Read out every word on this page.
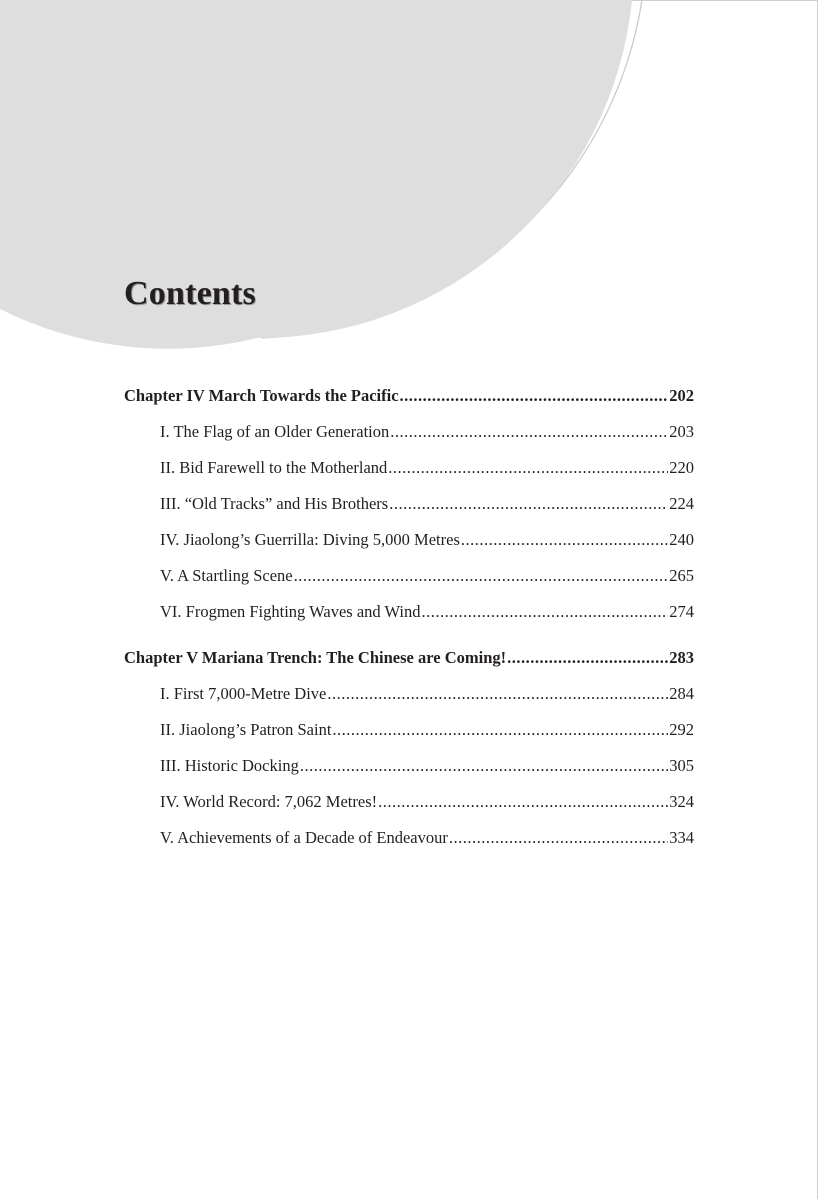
Contents
Chapter IV March Towards the Pacific .....	202
I. The Flag of an Older Generation .....	203
II. Bid Farewell to the Motherland .....	220
III. “Old Tracks” and His Brothers .....	224
IV. Jiaolong’s Guerrilla: Diving 5,000 Metres .....	240
V. A Startling Scene .....	265
VI. Frogmen Fighting Waves and Wind .....	274
Chapter V Mariana Trench: The Chinese are Coming! .....	283
I. First 7,000-Metre Dive .....	284
II. Jiaolong’s Patron Saint .....	292
III. Historic Docking .....	305
IV. World Record: 7,062 Metres! .....	324
V. Achievements of a Decade of Endeavour .....	334
